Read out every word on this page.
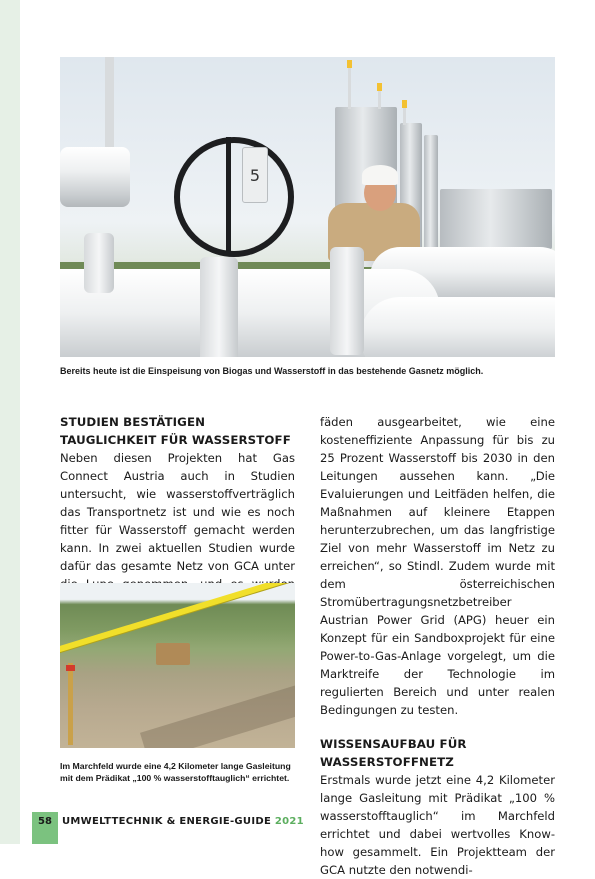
5

Bereits heute ist die Einspeisung von Biogas und Wasserstoff in das bestehende Gasnetz möglich.

STUDIEN BESTÄTIGEN
TAUGLICHKEIT FÜR WASSERSTOFF

Neben diesen Projekten hat Gas Connect Austria auch in Studien untersucht, wie wasserstoffverträglich das Transportnetz ist und wie es noch fitter für Wasserstoff gemacht werden kann. In zwei aktuellen Studien wurde dafür das gesamte Netz von GCA unter

Im Marchfeld wurde eine 4,2 Kilometer lange Gasleitung mit dem Prädikat „100 % wasserstofftauglich“ errichtet.

fäden ausgearbeitet, wie eine kosteneffiziente Anpassung für bis zu 25 Prozent Wasserstoff bis 2030 in den Leitungen aussehen kann. „Die Evaluierungen und Leitfäden helfen, die Maßnahmen auf kleinere Etappen herunterzubrechen, um das langfristige Ziel von mehr Wasserstoff im Netz zu erreichen“, so Stindl. Zudem wurde mit dem österreichischen Stromübertragungsnetzbetreiber Austrian Power Grid (APG) heuer ein Konzept für ein Sandboxprojekt für eine Power-to-Gas-Anlage vorgelegt, um die Marktreife der Technologie im regulierten Bereich und unter realen Bedingungen zu testen.

WISSENSAUFBAU FÜR
WASSERSTOFFNETZ

Erstmals wurde jetzt eine 4,2 Kilometer lange Gasleitung mit Prädikat „100 % wasserstofftauglich“ im Marchfeld errichtet und dabei wertvolles Know-how gesammelt. Ein Projektteam der GCA nutzte den notwendi-

58	UMWELTTECHNIK & ENERGIE-GUIDE 2021
